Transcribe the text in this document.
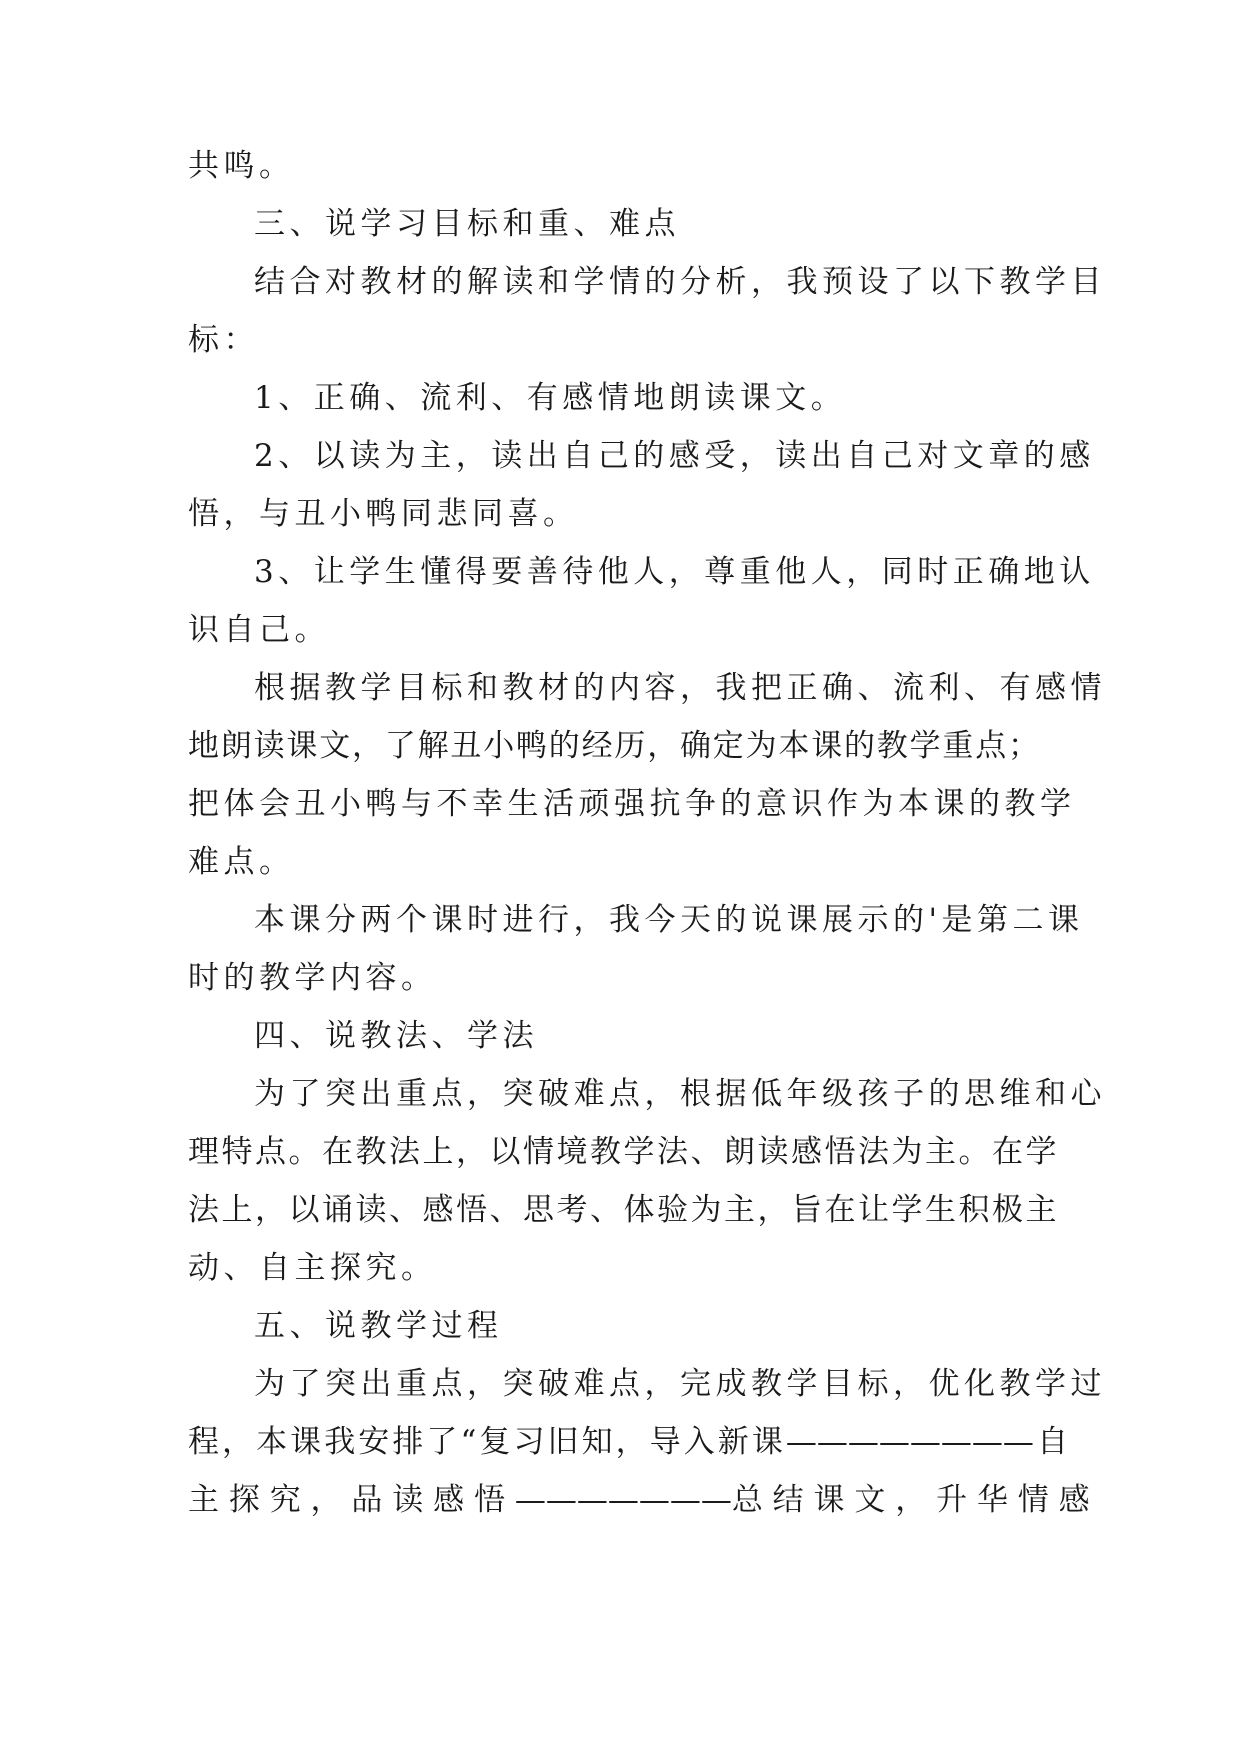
共鸣。
三、说学习目标和重、难点
结合对教材的解读和学情的分析，我预设了以下教学目
标：
1、正确、流利、有感情地朗读课文。
2、以读为主，读出自己的感受，读出自己对文章的感
悟，与丑小鸭同悲同喜。
3、让学生懂得要善待他人，尊重他人，同时正确地认
识自己。
根据教学目标和教材的内容，我把正确、流利、有感情
地朗读课文，了解丑小鸭的经历，确定为本课的教学重点；
把体会丑小鸭与不幸生活顽强抗争的意识作为本课的教学
难点。
本课分两个课时进行，我今天的说课展示的'是第二课
时的教学内容。
四、说教法、学法
为了突出重点，突破难点，根据低年级孩子的思维和心
理特点。在教法上，以情境教学法、朗读感悟法为主。在学
法上，以诵读、感悟、思考、体验为主，旨在让学生积极主
动、自主探究。
五、说教学过程
为了突出重点，突破难点，完成教学目标，优化教学过
程，本课我安排了“复习旧知，导入新课————————自
主 探 究 ， 品 读 感 悟 ———————总 结 课 文 ， 升 华 情 感
